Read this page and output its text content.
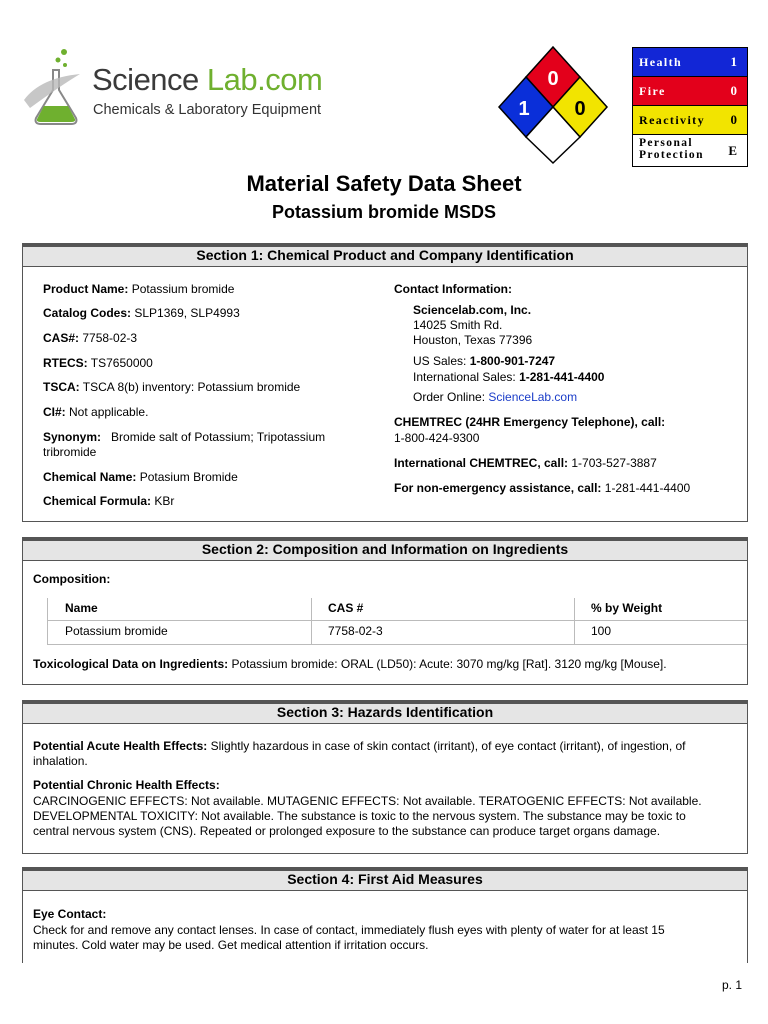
Science Lab.com
Chemicals & Laboratory Equipment
0
1 0
Health	1
Fire	0
Reactivity 0
Personal Protection	E
Material Safety Data Sheet
Potassium bromide MSDS
Section 1: Chemical Product and Company Identification
Product Name: Potassium bromide
Catalog Codes: SLP1369, SLP4993
CAS#: 7758-02-3
RTECS: TS7650000
TSCA: TSCA 8(b) inventory: Potassium bromide
CI#: Not applicable.
Synonym: Bromide salt of Potassium; Tripotassium
tribromide
Chemical Name: Potasium Bromide
Chemical Formula: KBr
Contact Information:
Sciencelab.com, Inc.
14025 Smith Rd.
Houston, Texas 77396
US Sales: 1-800-901-7247
International Sales: 1-281-441-4400
Order Online: ScienceLab.com
CHEMTREC (24HR Emergency Telephone), call:
1-800-424-9300
International CHEMTREC, call: 1-703-527-3887
For non-emergency assistance, call: 1-281-441-4400
Section 2: Composition and Information on Ingredients
Composition:
Name	CAS #	% by Weight
Potassium bromide	7758-02-3	100
Toxicological Data on Ingredients: Potassium bromide: ORAL (LD50): Acute: 3070 mg/kg [Rat]. 3120 mg/kg [Mouse].
Section 3: Hazards Identification
Potential Acute Health Effects: Slightly hazardous in case of skin contact (irritant), of eye contact (irritant), of ingestion, of
inhalation.
Potential Chronic Health Effects:
CARCINOGENIC EFFECTS: Not available. MUTAGENIC EFFECTS: Not available. TERATOGENIC EFFECTS: Not available.
DEVELOPMENTAL TOXICITY: Not available. The substance is toxic to the nervous system. The substance may be toxic to
central nervous system (CNS). Repeated or prolonged exposure to the substance can produce target organs damage.
Section 4: First Aid Measures
Eye Contact:
Check for and remove any contact lenses. In case of contact, immediately flush eyes with plenty of water for at least 15
minutes. Cold water may be used. Get medical attention if irritation occurs.
p. 1
